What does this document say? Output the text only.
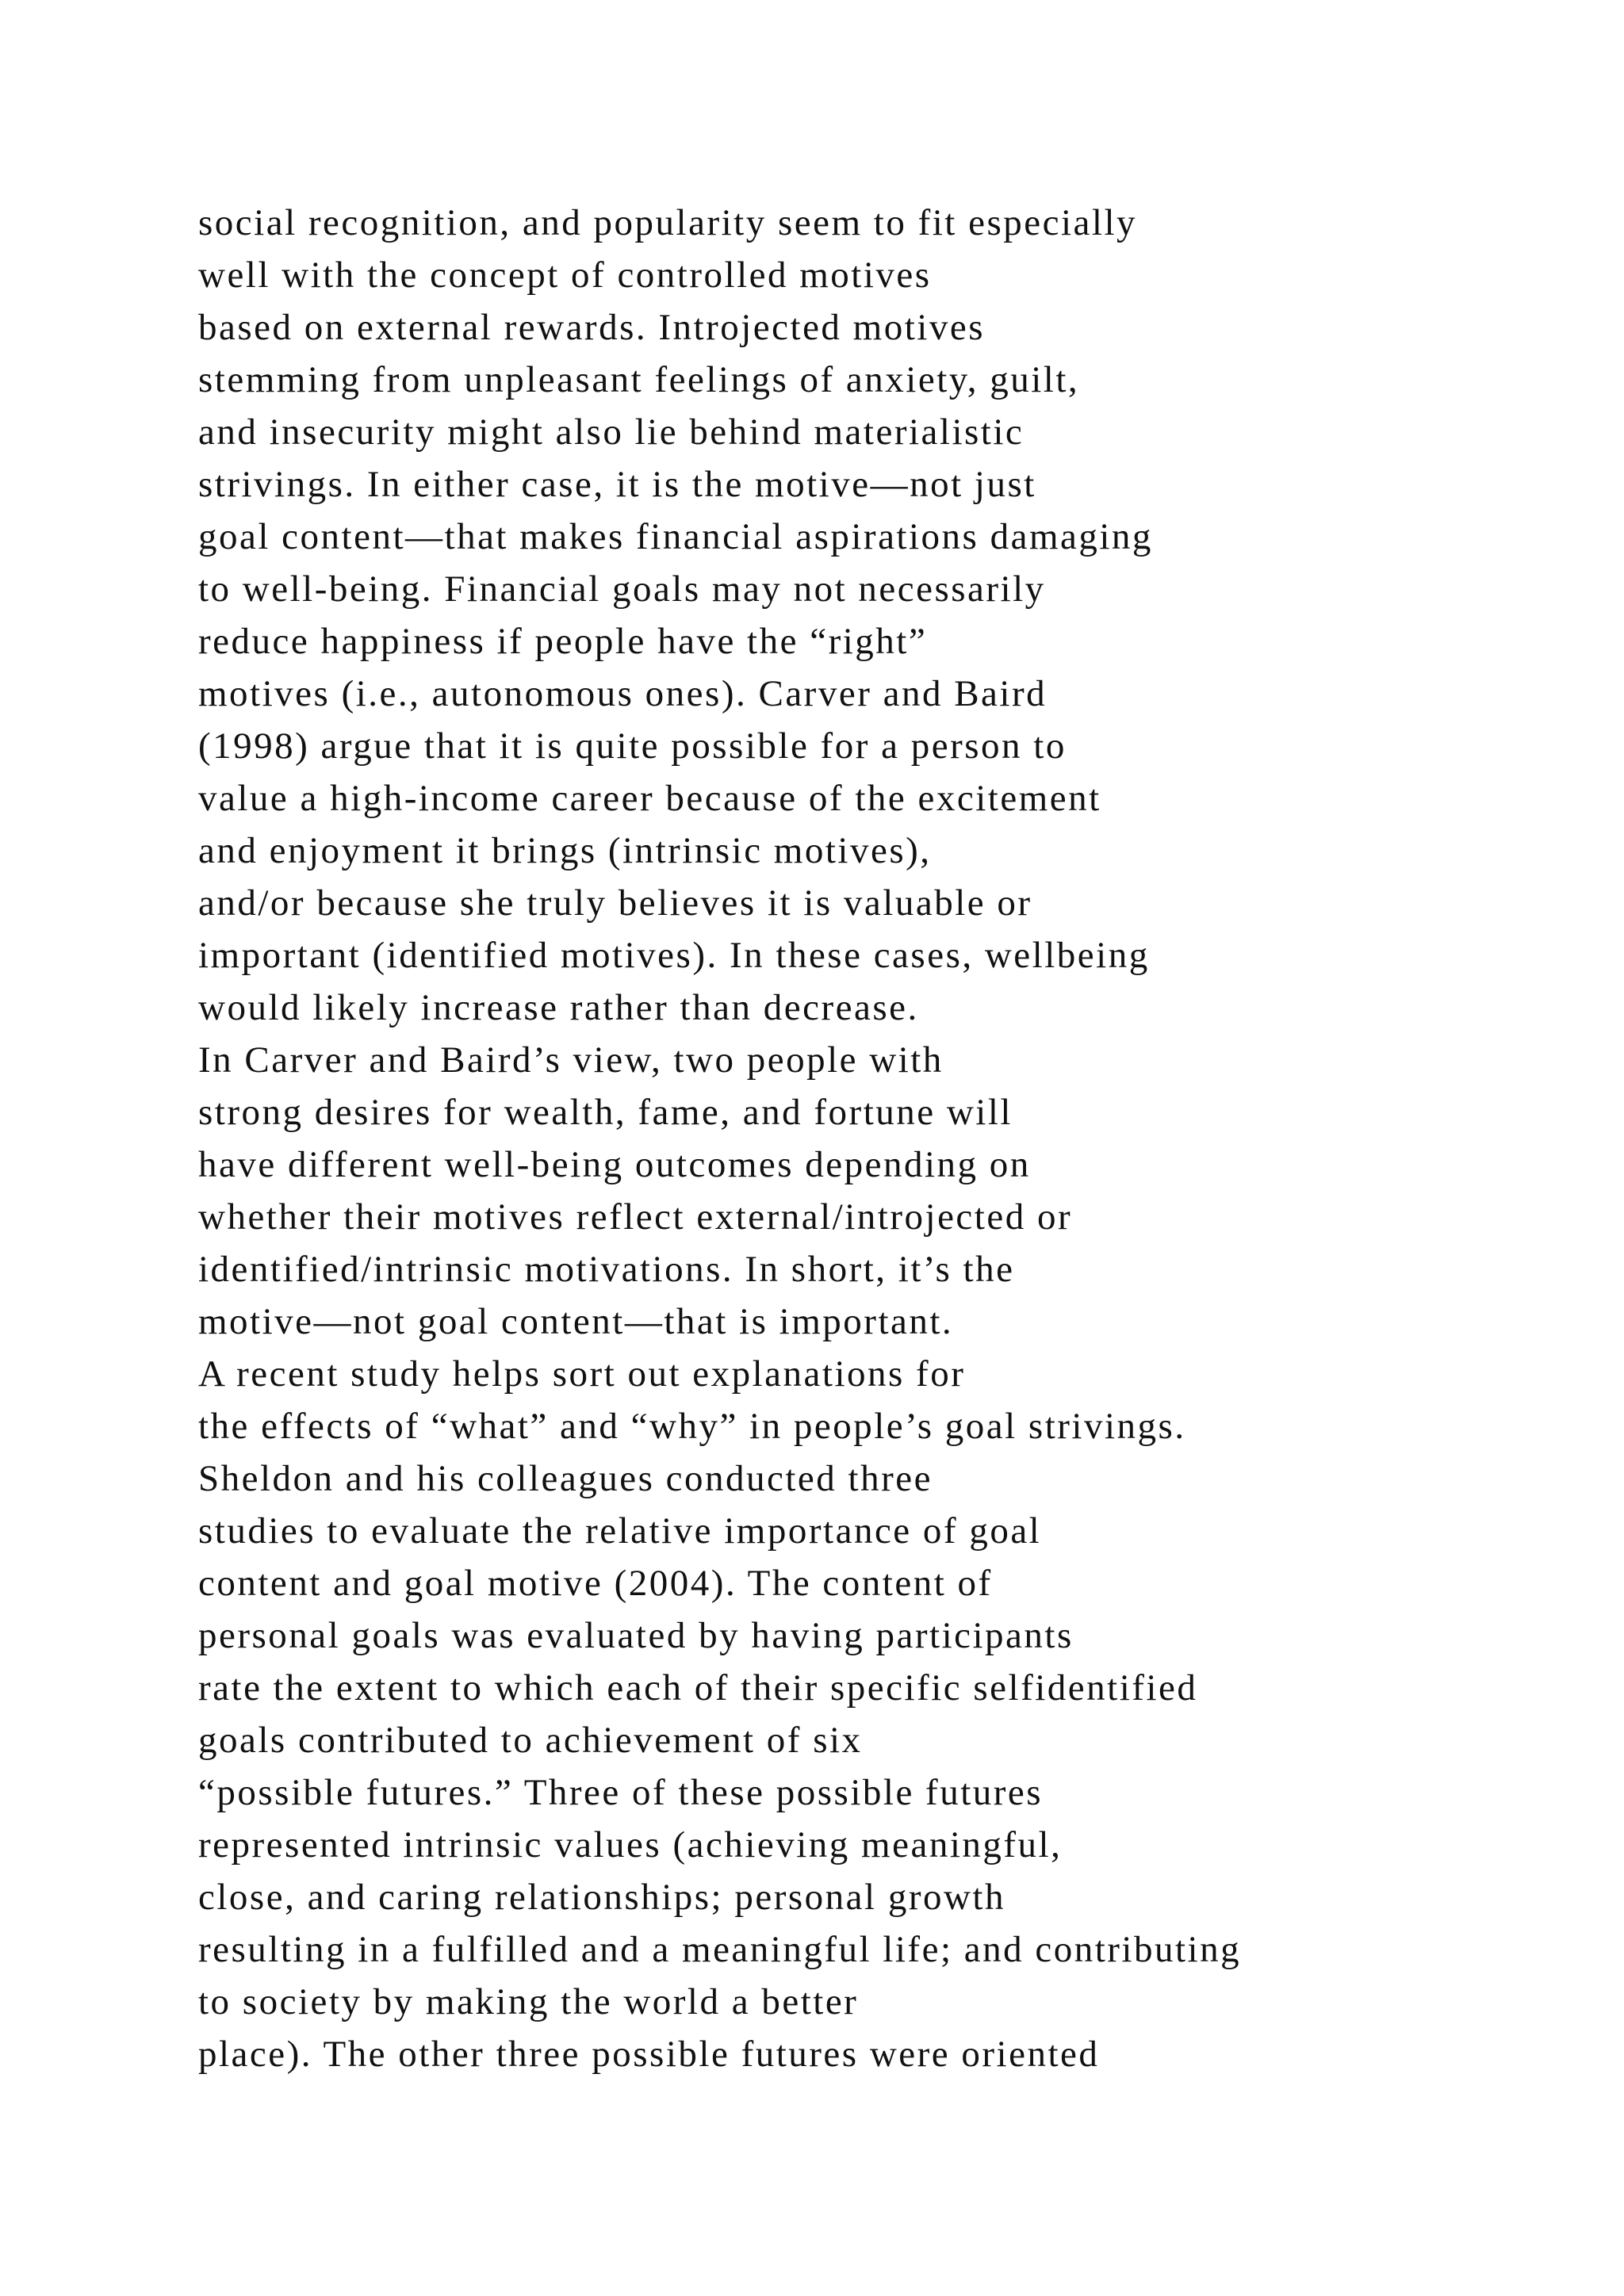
social recognition, and popularity seem to fit especially
well with the concept of controlled motives
based on external rewards. Introjected motives
stemming from unpleasant feelings of anxiety, guilt,
and insecurity might also lie behind materialistic
strivings. In either case, it is the motive—not just
goal content—that makes financial aspirations damaging
to well-being. Financial goals may not necessarily
reduce happiness if people have the “right”
motives (i.e., autonomous ones). Carver and Baird
(1998) argue that it is quite possible for a person to
value a high-income career because of the excitement
and enjoyment it brings (intrinsic motives),
and/or because she truly believes it is valuable or
important (identified motives). In these cases, wellbeing
would likely increase rather than decrease.
In Carver and Baird’s view, two people with
strong desires for wealth, fame, and fortune will
have different well-being outcomes depending on
whether their motives reflect external/introjected or
identified/intrinsic motivations. In short, it’s the
motive—not goal content—that is important.
A recent study helps sort out explanations for
the effects of “what” and “why” in people’s goal strivings.
Sheldon and his colleagues conducted three
studies to evaluate the relative importance of goal
content and goal motive (2004). The content of
personal goals was evaluated by having participants
rate the extent to which each of their specific selfidentified
goals contributed to achievement of six
“possible futures.” Three of these possible futures
represented intrinsic values (achieving meaningful,
close, and caring relationships; personal growth
resulting in a fulfilled and a meaningful life; and contributing
to society by making the world a better
place). The other three possible futures were oriented
